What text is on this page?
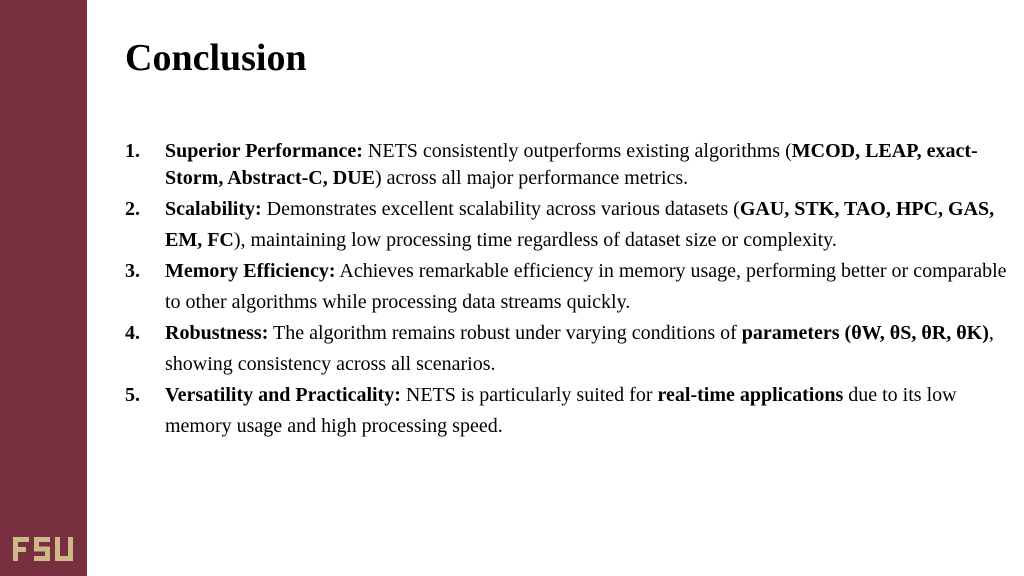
Conclusion
1. Superior Performance: NETS consistently outperforms existing algorithms (MCOD, LEAP, exact-Storm, Abstract-C, DUE) across all major performance metrics.
2. Scalability: Demonstrates excellent scalability across various datasets (GAU, STK, TAO, HPC, GAS, EM, FC), maintaining low processing time regardless of dataset size or complexity.
3. Memory Efficiency: Achieves remarkable efficiency in memory usage, performing better or comparable to other algorithms while processing data streams quickly.
4. Robustness: The algorithm remains robust under varying conditions of parameters (θW, θS, θR, θK), showing consistency across all scenarios.
5. Versatility and Practicality: NETS is particularly suited for real-time applications due to its low memory usage and high processing speed.
